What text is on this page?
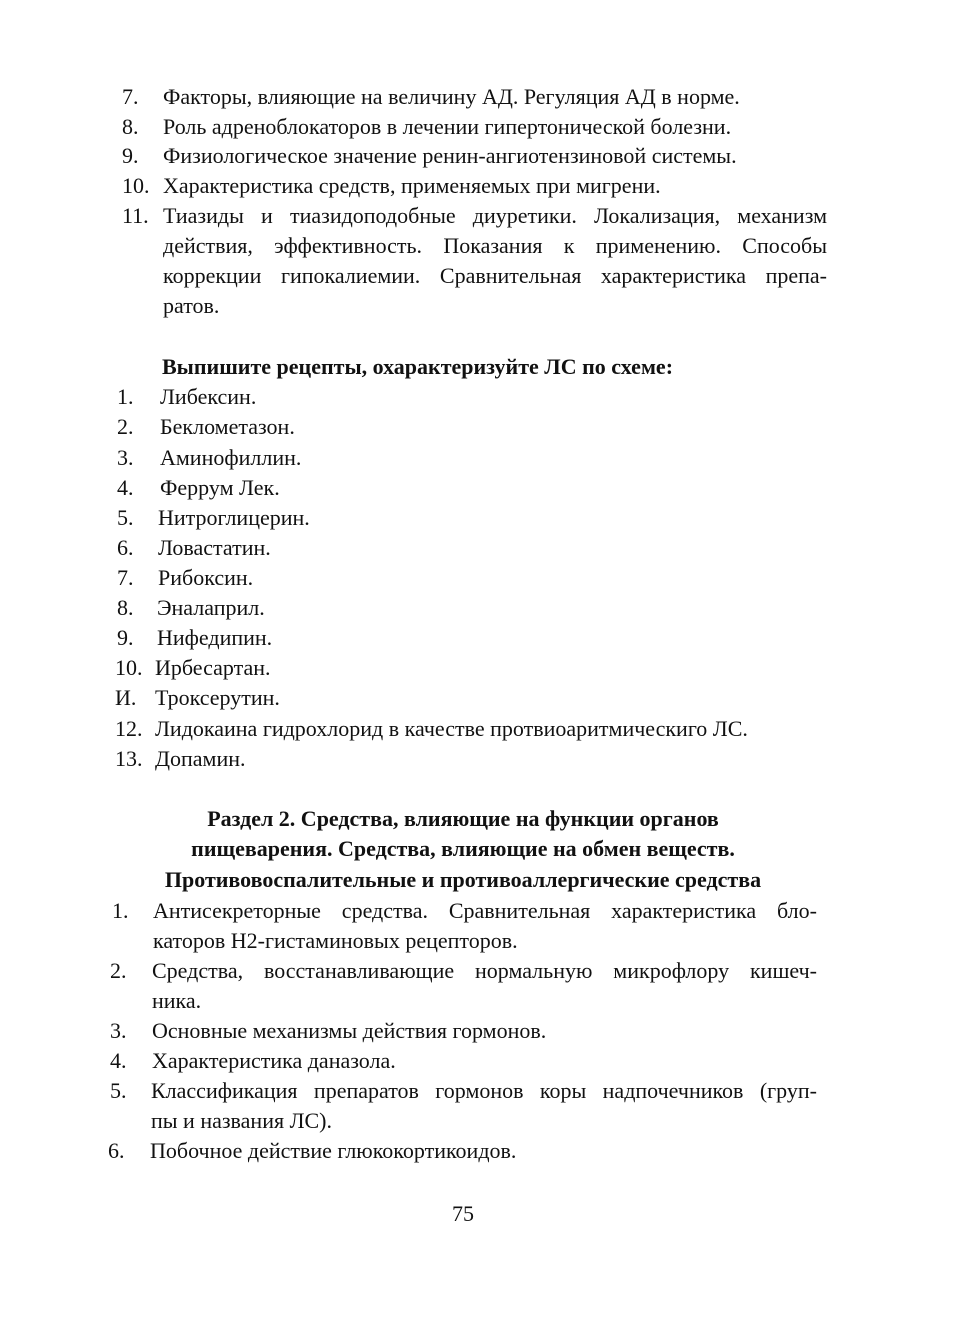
7. Факторы, влияющие на величину АД. Регуляция АД в норме.
8. Роль адреноблокаторов в лечении гипертонической болезни.
9. Физиологическое значение ренин-ангиотензиновой системы.
10. Характеристика средств, применяемых при мигрени.
11. Тиазиды и тиазидоподобные диуретики. Локализация, механизм
действия, эффективность. Показания к применению. Способы
коррекции гипокалиемии. Сравнительная характеристика препа-
ратов.
Выпишите рецепты, охарактеризуйте ЛС по схеме:
1. Либексин.
2. Беклометазон.
3. Аминофиллин.
4. Феррум Лек.
5. Нитроглицерин.
6. Ловастатин.
7. Рибоксин.
8. Эналаприл.
9. Нифедипин.
10. Ирбесартан.
И. Троксерутин.
12. Лидокаина гидрохлорид в качестве протвиоаритмическиго ЛС.
13. Допамин.
Раздел 2. Средства, влияющие на функции органов
пищеварения. Средства, влияющие на обмен веществ.
Противовоспалительные и противоаллергические средства
1. Антисекреторные средства. Сравнительная характеристика бло-
каторов Н2-гистаминовых рецепторов.
2. Средства, восстанавливающие нормальную микрофлору кишеч-
ника.
3. Основные механизмы действия гормонов.
4. Характеристика даназола.
5. Классификация препаратов гормонов коры надпочечников (груп-
пы и названия ЛС).
6. Побочное действие глюкокортикоидов.
75
